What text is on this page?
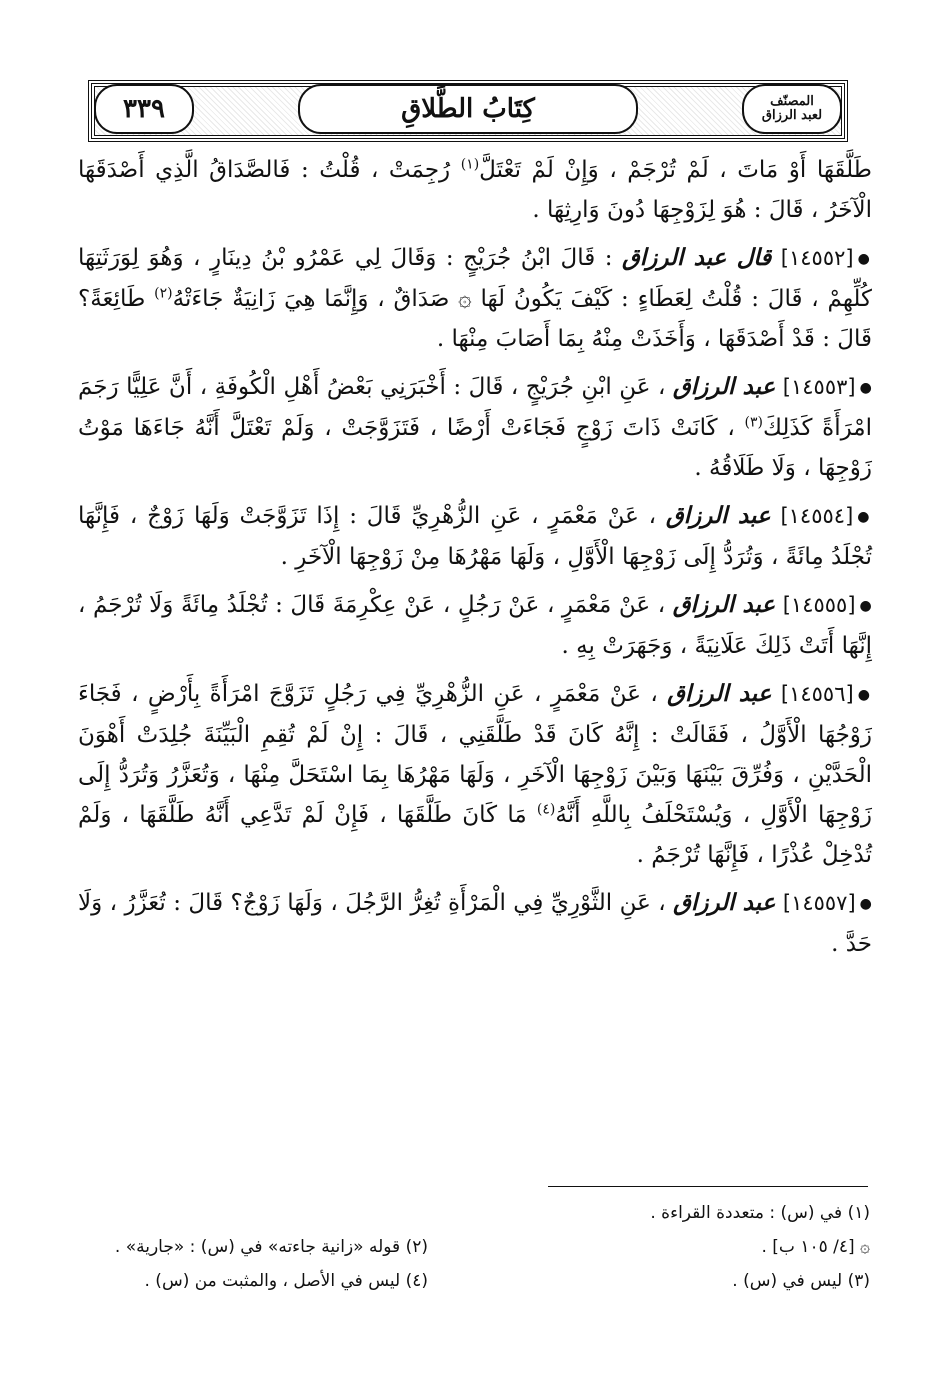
٣٣٩	كِتَابُ الطَّلاقِ	المصنّف
لعبد الرزاق

طَلَّقَهَا أَوْ مَاتَ ، لَمْ تُرْجَمْ ، وَإِنْ لَمْ تَعْتَلَّ$^{(١)}$ رُجِمَتْ ، قُلْتُ : فَالصَّدَاقُ الَّذِي أَصْدَقَهَا الْآخَرُ ، قَالَ : هُوَ لِزَوْجِهَا دُونَ وَارِثِهَا .

●[١٤٥٥٢] قال عبد الرزاق : قَالَ ابْنُ جُرَيْجٍ : وَقَالَ لِي عَمْرُو بْنُ دِينَارٍ ، وَهُوَ لِوَرَثَتِهَا كُلِّهِمْ ، قَالَ : قُلْتُ لِعَطَاءٍ : كَيْفَ يَكُونُ لَهَا ۞ صَدَاقٌ ، وَإِنَّمَا هِيَ زَانِيَةٌ جَاءَتْهُ$^{(٢)}$ طَائِعَةً؟ قَالَ : قَدْ أَصْدَقَهَا ، وَأَخَذَتْ مِنْهُ بِمَا أَصَابَ مِنْهَا .

●[١٤٥٥٣] عبد الرزاق ، عَنِ ابْنِ جُرَيْجٍ ، قَالَ : أَخْبَرَنِي بَعْضُ أَهْلِ الْكُوفَةِ ، أَنَّ عَلِيًّا رَجَمَ امْرَأَةً كَذَلِكَ$^{(٣)}$ ، كَانَتْ ذَاتَ زَوْجٍ فَجَاءَتْ أَرْضًا ، فَتَزَوَّجَتْ ، وَلَمْ تَعْتَلَّ أَنَّهُ جَاءَهَا مَوْتُ زَوْجِهَا ، وَلَا طَلَاقُهُ .

●[١٤٥٥٤] عبد الرزاق ، عَنْ مَعْمَرٍ ، عَنِ الزُّهْرِيِّ قَالَ : إِذَا تَزَوَّجَتْ وَلَهَا زَوْجٌ ، فَإِنَّهَا تُجْلَدُ مِائَةً ، وَتُرَدُّ إِلَى زَوْجِهَا الْأَوَّلِ ، وَلَهَا مَهْرُهَا مِنْ زَوْجِهَا الْآخَرِ .

●[١٤٥٥٥] عبد الرزاق ، عَنْ مَعْمَرٍ ، عَنْ رَجُلٍ ، عَنْ عِكْرِمَةَ قَالَ : تُجْلَدُ مِائَةً وَلَا تُرْجَمُ ، إِنَّهَا أَتَتْ ذَلِكَ عَلَانِيَةً ، وَجَهَرَتْ بِهِ .

●[١٤٥٥٦] عبد الرزاق ، عَنْ مَعْمَرٍ ، عَنِ الزُّهْرِيِّ فِي رَجُلٍ تَزَوَّجَ امْرَأَةً بِأَرْضٍ ، فَجَاءَ زَوْجُهَا الْأَوَّلُ ، فَقَالَتْ : إِنَّهُ كَانَ قَدْ طَلَّقَنِي ، قَالَ : إِنْ لَمْ تُقِمِ الْبَيِّنَةَ جُلِدَتْ أَهْوَنَ الْحَدَّيْنِ ، وَفُرِّقَ بَيْنَهَا وَبَيْنَ زَوْجِهَا الْآخَرِ ، وَلَهَا مَهْرُهَا بِمَا اسْتَحَلَّ مِنْهَا ، وَتُعَزَّرُ وَتُرَدُّ إِلَى زَوْجِهَا الْأَوَّلِ ، وَيُسْتَحْلَفُ بِاللَّهِ أَنَّهُ$^{(٤)}$ مَا كَانَ طَلَّقَهَا ، فَإِنْ لَمْ تَدَّعِي أَنَّهُ طَلَّقَهَا ، وَلَمْ تُدْخِلْ عُذْرًا ، فَإِنَّهَا تُرْجَمُ .

●[١٤٥٥٧] عبد الرزاق ، عَنِ الثَّوْرِيِّ فِي الْمَرْأَةِ تُغِرُّ الرَّجُلَ ، وَلَهَا زَوْجٌ؟ قَالَ : تُعَزَّرُ ، وَلَا حَدَّ .

(١) في (س) : متعددة القراءة .
۞ [٤/ ١٠٥ ب] .
(٢) قوله «زانية جاءته» في (س) : «جارية» .
(٣) ليس في (س) .
(٤) ليس في الأصل ، والمثبت من (س) .
